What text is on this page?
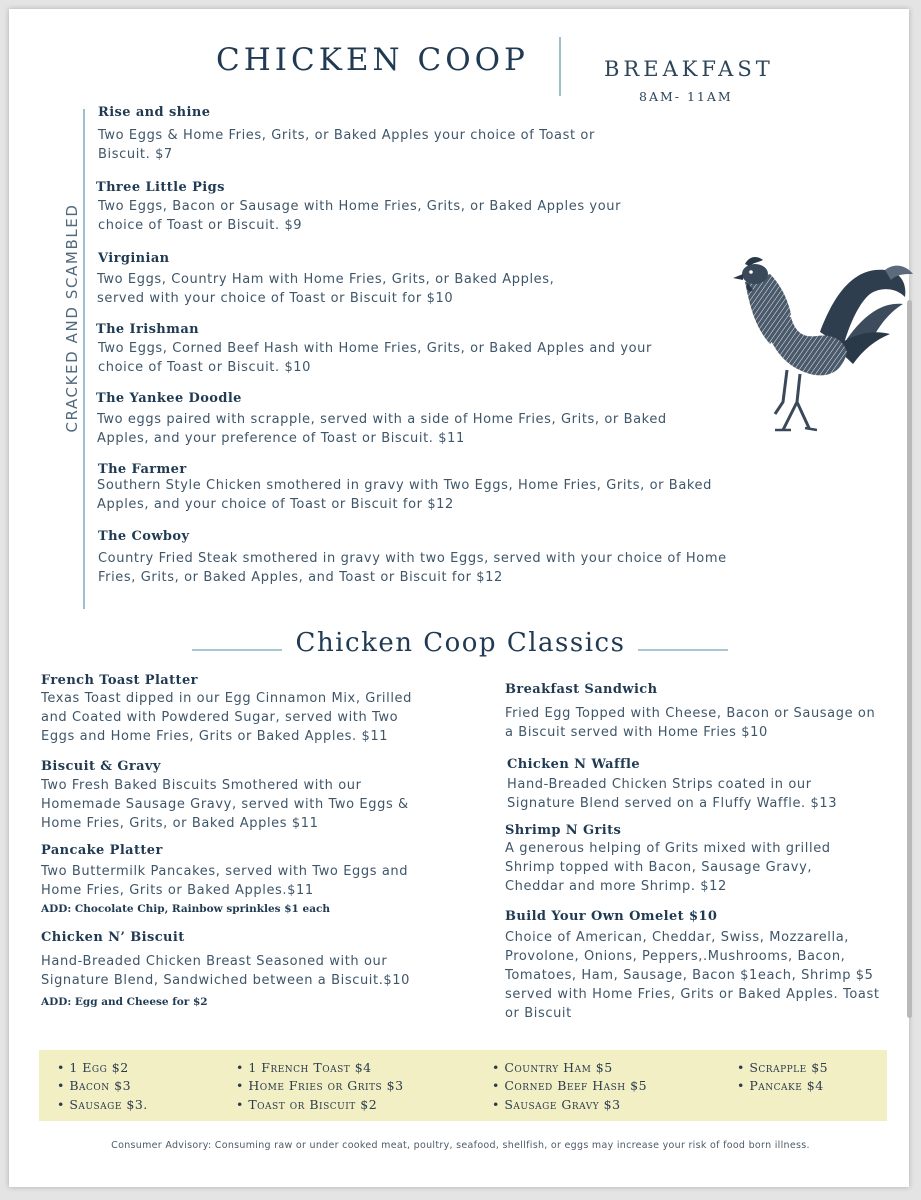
CHICKEN COOP	BREAKFAST
8AM- 11AM
CRACKED AND SCAMBLED
Rise and shine
Two Eggs & Home Fries, Grits, or Baked Apples your choice of Toast or Biscuit. $7
Three Little Pigs
Two Eggs, Bacon or Sausage with Home Fries, Grits, or Baked Apples your choice of Toast or Biscuit. $9
Virginian
Two Eggs, Country Ham with Home Fries, Grits, or Baked Apples, served with your choice of Toast or Biscuit for $10
The Irishman
Two Eggs, Corned Beef Hash with Home Fries, Grits, or Baked Apples and your choice of Toast or Biscuit. $10
The Yankee Doodle
Two eggs paired with scrapple, served with a side of Home Fries, Grits, or Baked Apples, and your preference of Toast or Biscuit. $11
The Farmer
Southern Style Chicken smothered in gravy with Two Eggs, Home Fries, Grits, or Baked Apples, and your choice of Toast or Biscuit for $12
The Cowboy
Country Fried Steak smothered in gravy with two Eggs, served with your choice of Home Fries, Grits, or Baked Apples, and Toast or Biscuit for $12
Chicken Coop Classics
French Toast Platter
Texas Toast dipped in our Egg Cinnamon Mix, Grilled and Coated with Powdered Sugar, served with Two Eggs and Home Fries, Grits or Baked Apples. $11
Biscuit & Gravy
Two Fresh Baked Biscuits Smothered with our Homemade Sausage Gravy, served with Two Eggs & Home Fries, Grits, or Baked Apples $11
Pancake Platter
Two Buttermilk Pancakes, served with Two Eggs and Home Fries, Grits or Baked Apples.$11
ADD: Chocolate Chip, Rainbow sprinkles $1 each
Chicken N’ Biscuit
Hand-Breaded Chicken Breast Seasoned with our Signature Blend, Sandwiched between a Biscuit.$10
ADD: Egg and Cheese for $2
Breakfast Sandwich
Fried Egg Topped with Cheese, Bacon or Sausage on a Biscuit served with Home Fries $10
Chicken N Waffle
Hand-Breaded Chicken Strips coated in our Signature Blend served on a Fluffy Waffle. $13
Shrimp N Grits
A generous helping of Grits mixed with grilled Shrimp topped with Bacon, Sausage Gravy, Cheddar and more Shrimp. $12
Build Your Own Omelet $10
Choice of American, Cheddar, Swiss, Mozzarella, Provolone, Onions, Peppers,.Mushrooms, Bacon, Tomatoes, Ham, Sausage, Bacon $1each, Shrimp $5 served with Home Fries, Grits or Baked Apples. Toast or Biscuit
• 1 Egg $2
• Bacon $3
• Sausage $3.
• 1 French Toast $4
• Home Fries or Grits $3
• Toast or Biscuit $2
• Country Ham $5
• Corned Beef Hash $5
• Sausage Gravy $3
• Scrapple $5
• Pancake $4
Consumer Advisory: Consuming raw or under cooked meat, poultry, seafood, shellfish, or eggs may increase your risk of food born illness.
